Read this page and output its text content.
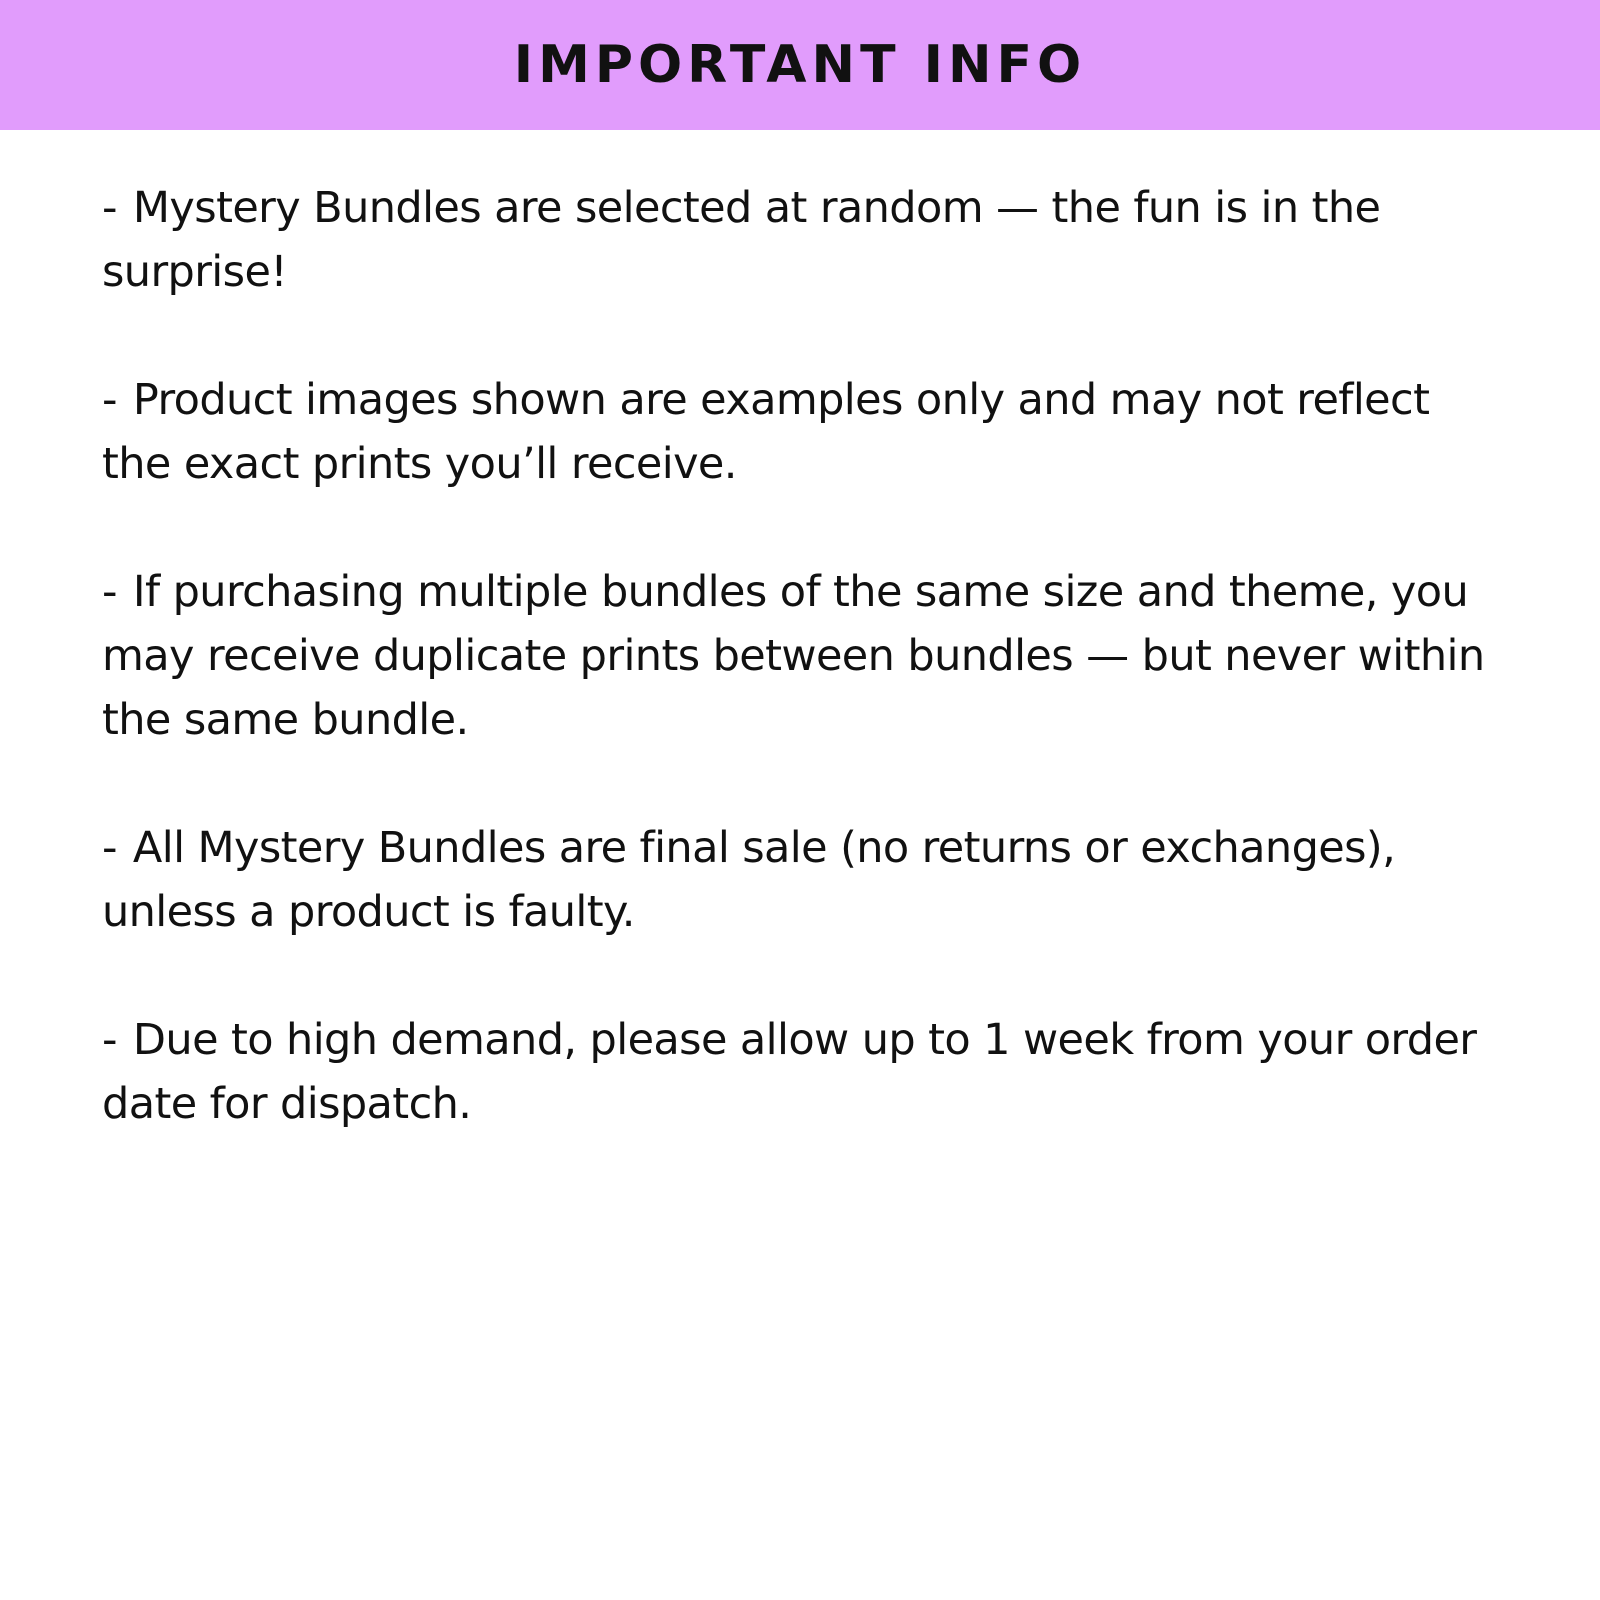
IMPORTANT INFO
- Mystery Bundles are selected at random — the fun is in the surprise!
- Product images shown are examples only and may not reflect the exact prints you’ll receive.
- If purchasing multiple bundles of the same size and theme, you may receive duplicate prints between bundles — but never within the same bundle.
- All Mystery Bundles are final sale (no returns or exchanges), unless a product is faulty.
- Due to high demand, please allow up to 1 week from your order date for dispatch.
